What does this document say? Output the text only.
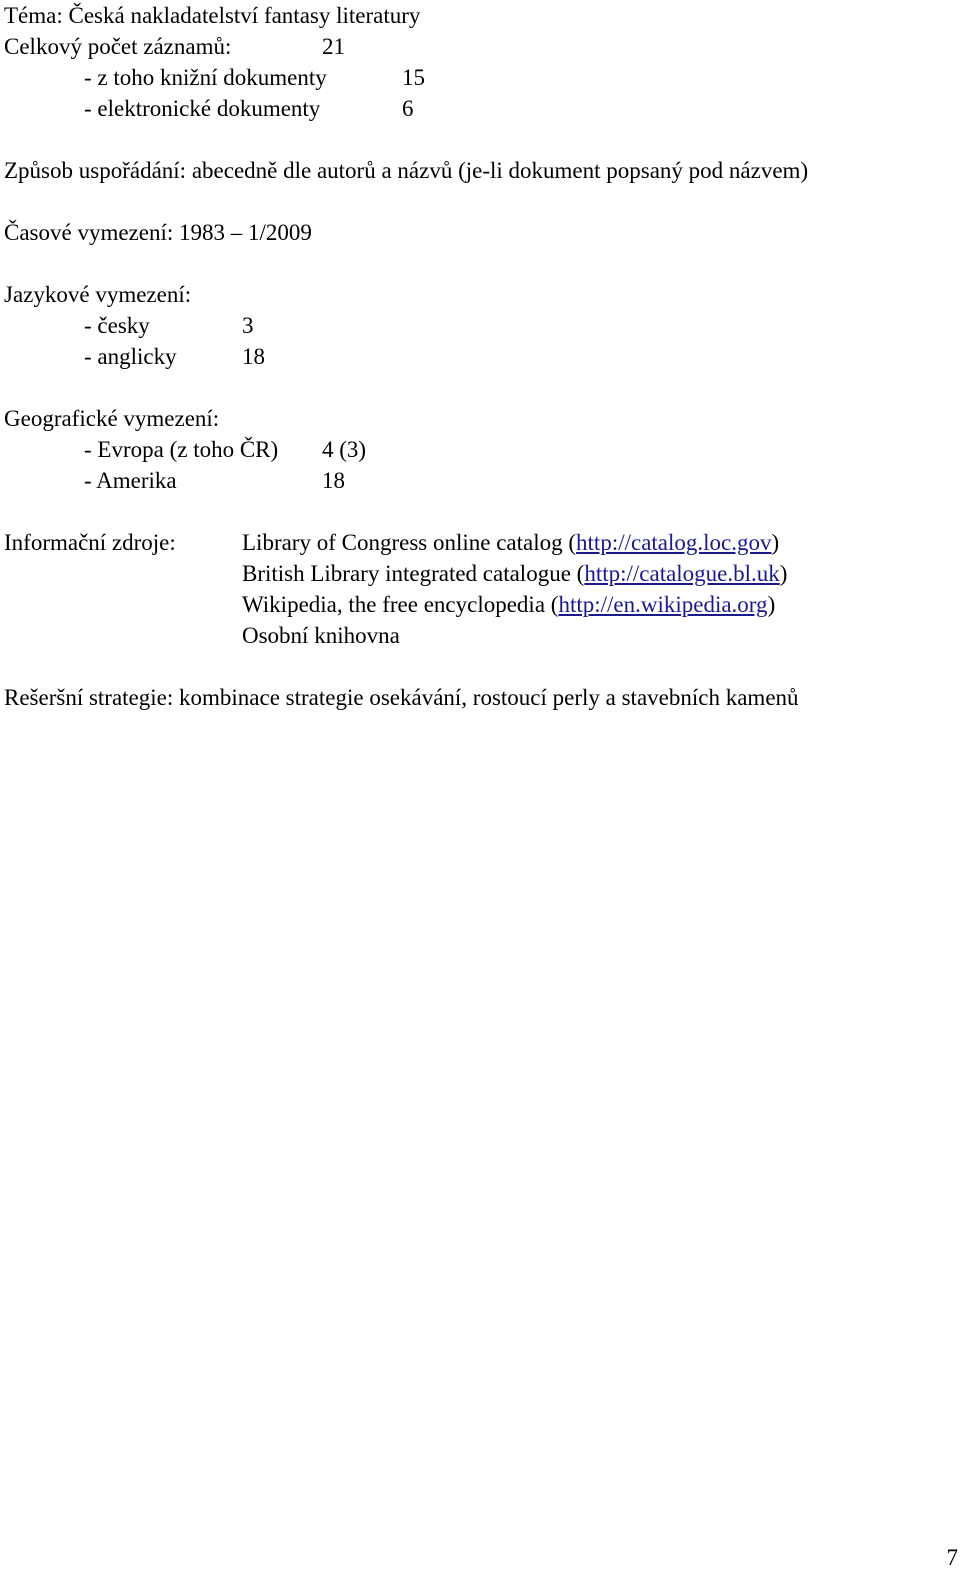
Téma: Česká nakladatelství fantasy literatury
Celkový počet záznamů:	21
- z toho knižní dokumenty	15
- elektronické dokumenty	6
Způsob uspořádání: abecedně dle autorů a názvů (je-li dokument popsaný pod názvem)
Časové vymezení: 1983 – 1/2009
Jazykové vymezení:
- česky	3
- anglicky	18
Geografické vymezení:
- Evropa (z toho ČR) 4 (3)
- Amerika	18
Informační zdroje:	Library of Congress online catalog (http://catalog.loc.gov)
British Library integrated catalogue (http://catalogue.bl.uk)
Wikipedia, the free encyclopedia (http://en.wikipedia.org)
Osobní knihovna
Rešeršní strategie: kombinace strategie osekávání, rostoucí perly a stavebních kamenů
7
